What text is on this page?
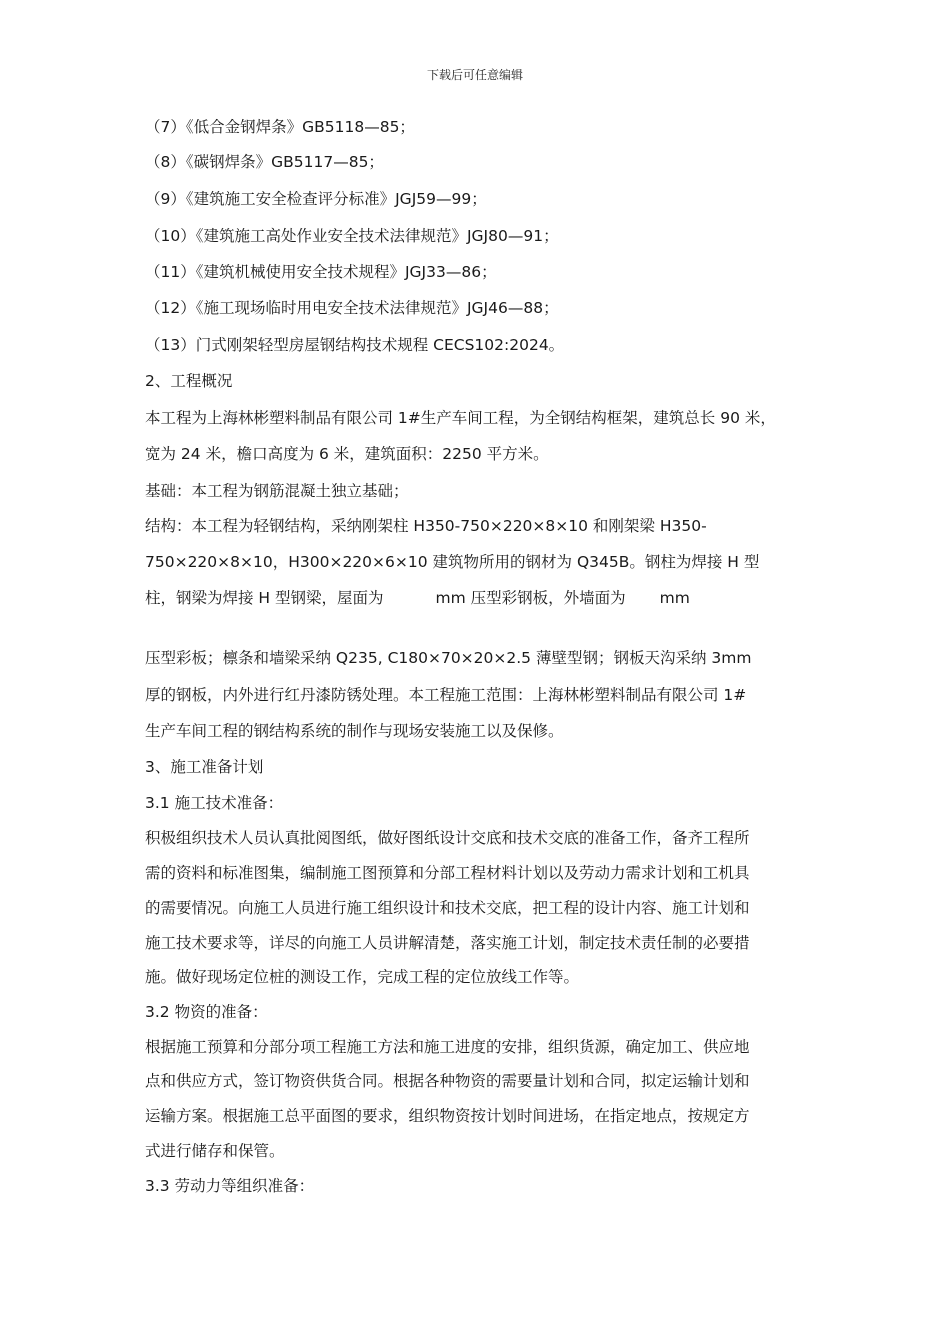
下载后可任意编辑
（7）《低合金钢焊条》GB5118—85；
（8）《碳钢焊条》GB5117—85；
（9）《建筑施工安全检查评分标准》JGJ59—99；
（10）《建筑施工高处作业安全技术法律规范》JGJ80—91；
（11）《建筑机械使用安全技术规程》JGJ33—86；
（12）《施工现场临时用电安全技术法律规范》JGJ46—88；
（13）门式刚架轻型房屋钢结构技术规程 CECS102:2024。
2、工程概况
本工程为上海林彬塑料制品有限公司 1#生产车间工程，为全钢结构框架，建筑总长 90 米，
宽为 24 米，檐口高度为 6 米，建筑面积：2250 平方米。
基础：本工程为钢筋混凝土独立基础；
结构：本工程为轻钢结构，采纳刚架柱 H350-750×220×8×10 和刚架梁 H350-
750×220×8×10，H300×220×6×10 建筑物所用的钢材为 Q345B。钢柱为焊接 H 型
柱，钢梁为焊接 H 型钢梁，屋面为	mm 压型彩钢板，外墙面为 mm
压型彩板；檩条和墙梁采纳 Q235, C180×70×20×2.5 薄壁型钢；钢板天沟采纳 3mm
厚的钢板，内外进行红丹漆防锈处理。本工程施工范围：上海林彬塑料制品有限公司 1#
生产车间工程的钢结构系统的制作与现场安装施工以及保修。
3、施工准备计划
3.1 施工技术准备：
积极组织技术人员认真批阅图纸，做好图纸设计交底和技术交底的准备工作，备齐工程所
需的资料和标准图集，编制施工图预算和分部工程材料计划以及劳动力需求计划和工机具
的需要情况。向施工人员进行施工组织设计和技术交底，把工程的设计内容、施工计划和
施工技术要求等，详尽的向施工人员讲解清楚，落实施工计划，制定技术责任制的必要措
施。做好现场定位桩的测设工作，完成工程的定位放线工作等。
3.2 物资的准备：
根据施工预算和分部分项工程施工方法和施工进度的安排，组织货源，确定加工、供应地
点和供应方式，签订物资供货合同。根据各种物资的需要量计划和合同，拟定运输计划和
运输方案。根据施工总平面图的要求，组织物资按计划时间进场，在指定地点，按规定方
式进行储存和保管。
3.3 劳动力等组织准备：
